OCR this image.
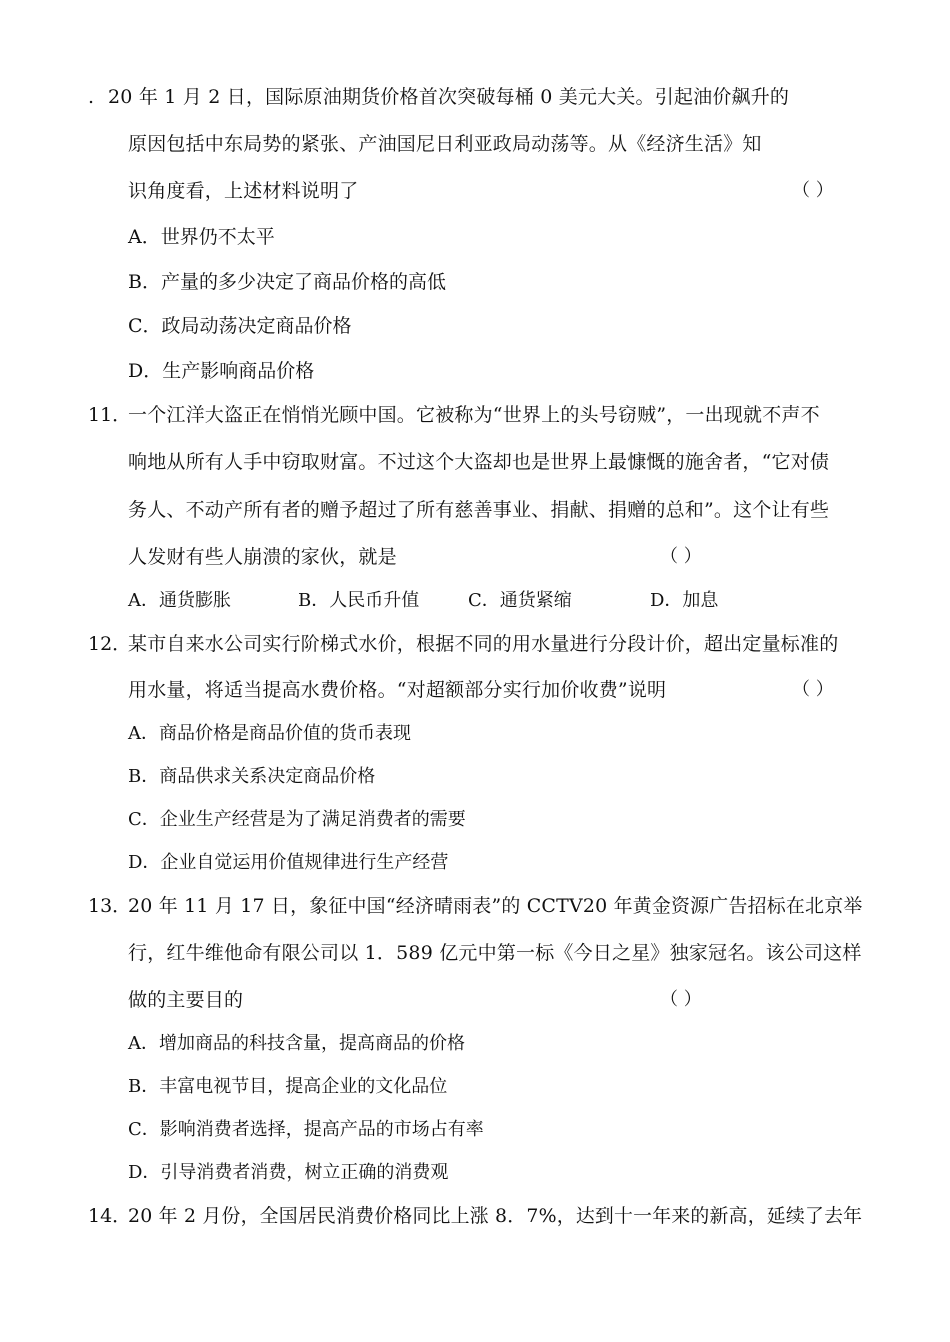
. 20 年 1 月 2 日，国际原油期货价格首次突破每桶 0 美元大关。引起油价飙升的
原因包括中东局势的紧张、产油国尼日利亚政局动荡等。从《经济生活》知
识角度看，上述材料说明了	（ ）
A．世界仍不太平
B．产量的多少决定了商品价格的高低
C．政局动荡决定商品价格
D．生产影响商品价格
11．
一个江洋大盗正在悄悄光顾中国。它被称为“世界上的头号窃贼”，一出现就不声不
响地从所有人手中窃取财富。不过这个大盗却也是世界上最慷慨的施舍者，“它对债
务人、不动产所有者的赠予超过了所有慈善事业、捐献、捐赠的总和”。这个让有些
人发财有些人崩溃的家伙，就是	（ ）
A．通货膨胀	B．人民币升值	C．通货紧缩	D．加息
12．
某市自来水公司实行阶梯式水价，根据不同的用水量进行分段计价，超出定量标准的
用水量，将适当提高水费价格。“对超额部分实行加价收费”说明	（ ）
A．商品价格是商品价值的货币表现
B．商品供求关系决定商品价格
C．企业生产经营是为了满足消费者的需要
D．企业自觉运用价值规律进行生产经营
13．
20 年 11 月 17 日，象征中国“经济晴雨表”的 CCTV20 年黄金资源广告招标在北京举
行，红牛维他命有限公司以 1．589 亿元中第一标《今日之星》独家冠名。该公司这样
做的主要目的	（ ）
A．增加商品的科技含量，提高商品的价格
B．丰富电视节目，提高企业的文化品位
C．影响消费者选择，提高产品的市场占有率
D．引导消费者消费，树立正确的消费观
14．
20 年 2 月份，全国居民消费价格同比上涨 8．7%，达到十一年来的新高，延续了去年
